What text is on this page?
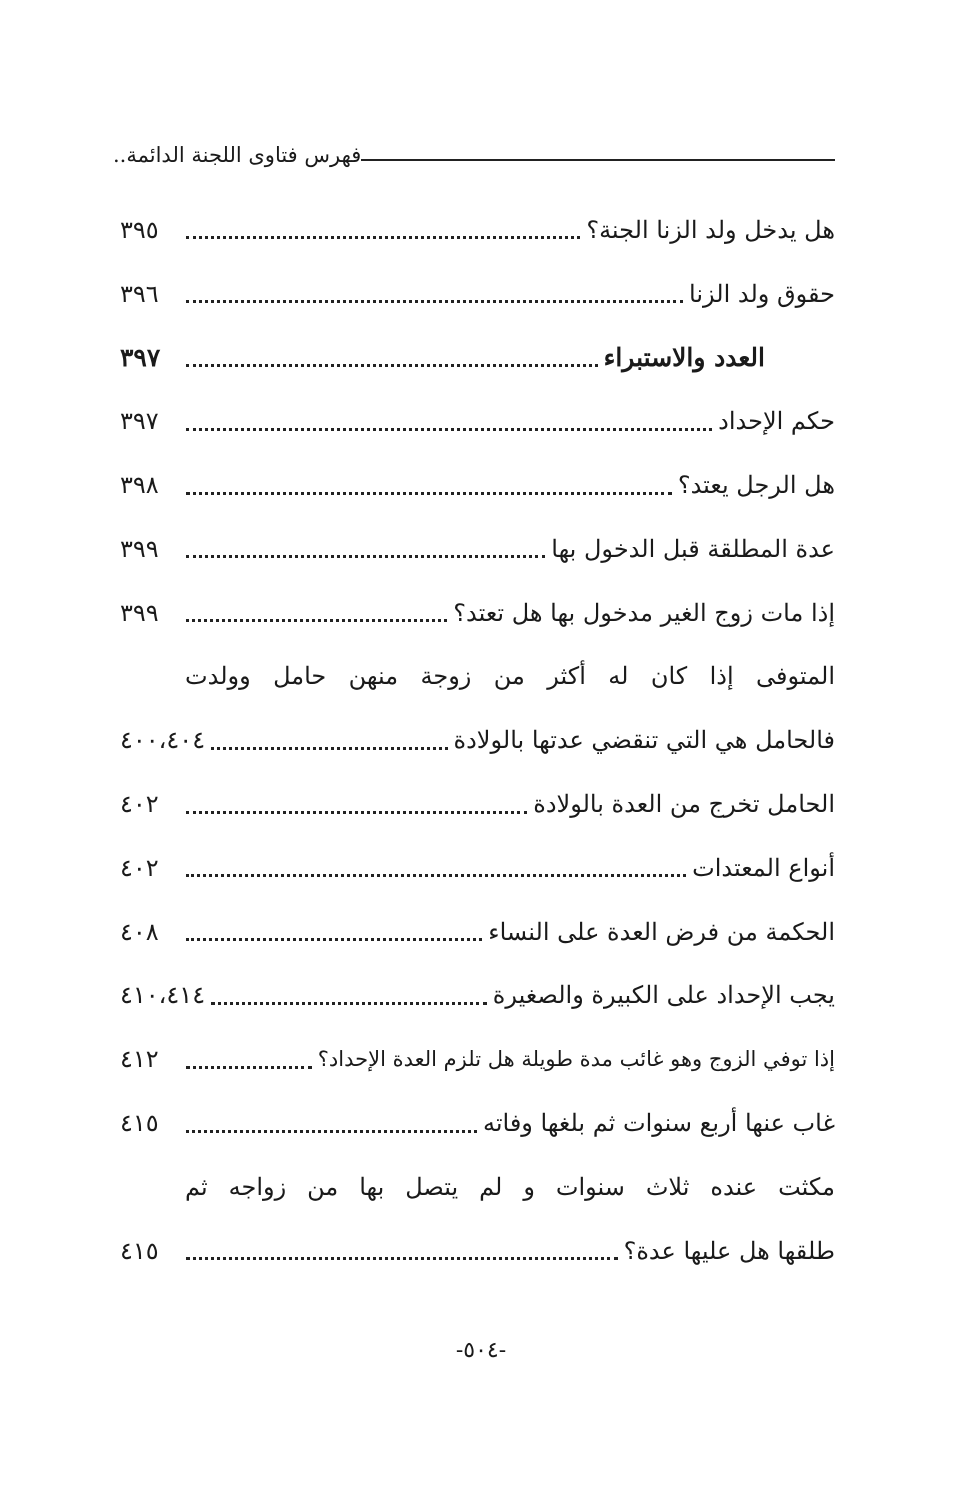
فهرس فتاوى اللجنة الدائمة..
٣٩٥	هل يدخل ولد الزنا الجنة؟
٣٩٦	حقوق ولد الزنا
٣٩٧	العدد والاستبراء
٣٩٧	حكم الإحداد
٣٩٨	هل الرجل يعتد؟
٣٩٩	عدة المطلقة قبل الدخول بها
٣٩٩	إذا مات زوج الغير مدخول بها هل تعتد؟
المتوفى إذا كان له أكثر من زوجة منهن حامل وولدت
٤٠٠،٤٠٤	فالحامل هي التي تنقضي عدتها بالولادة
٤٠٢	الحامل تخرج من العدة بالولادة
٤٠٢	أنواع المعتدات
٤٠٨	الحكمة من فرض العدة على النساء
٤١٠،٤١٤	يجب الإحداد على الكبيرة والصغيرة
٤١٢	إذا توفي الزوج وهو غائب مدة طويلة هل تلزم العدة الإحداد؟
٤١٥	غاب عنها أربع سنوات ثم بلغها وفاته
مكثت عنده ثلاث سنوات و لم يتصل بها من زواجه ثم
٤١٥	طلقها هل عليها عدة؟
-٥٠٤-
